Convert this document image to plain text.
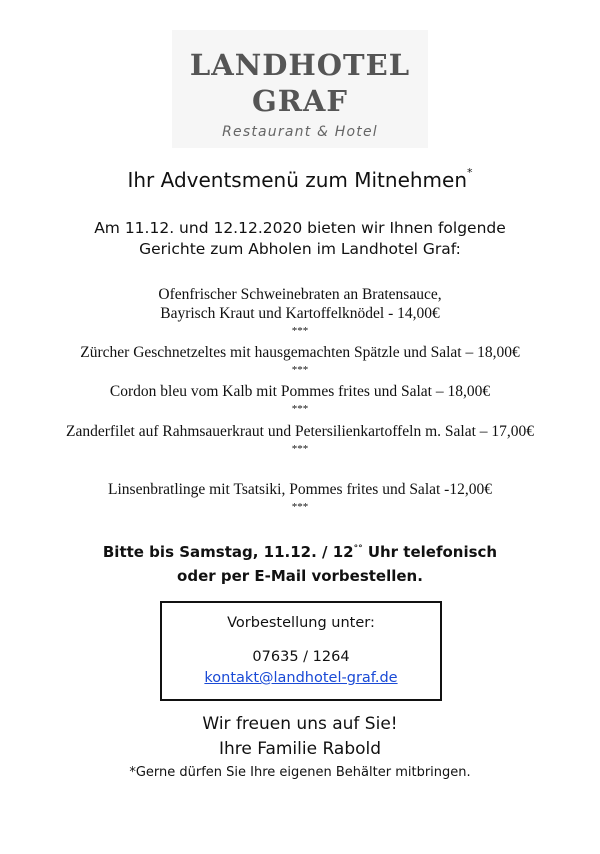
LANDHOTEL
GRAF
Restaurant & Hotel
Ihr Adventsmenü zum Mitnehmen*
Am 11.12. und 12.12.2020 bieten wir Ihnen folgende
Gerichte zum Abholen im Landhotel Graf:
Ofenfrischer Schweinebraten an Bratensauce,
Bayrisch Kraut und Kartoffelknödel - 14,00€
***
Zürcher Geschnetzeltes mit hausgemachten Spätzle und Salat – 18,00€
***
Cordon bleu vom Kalb mit Pommes frites und Salat – 18,00€
***
Zanderfilet auf Rahmsauerkraut und Petersilienkartoffeln m. Salat – 17,00€
***
Linsenbratlinge mit Tsatsiki, Pommes frites und Salat -12,00€
***
Bitte bis Samstag, 11.12. / 12°° Uhr telefonisch
oder per E-Mail vorbestellen.
Vorbestellung unter:
07635 / 1264
kontakt@landhotel-graf.de
Wir freuen uns auf Sie!
Ihre Familie Rabold
*Gerne dürfen Sie Ihre eigenen Behälter mitbringen.
